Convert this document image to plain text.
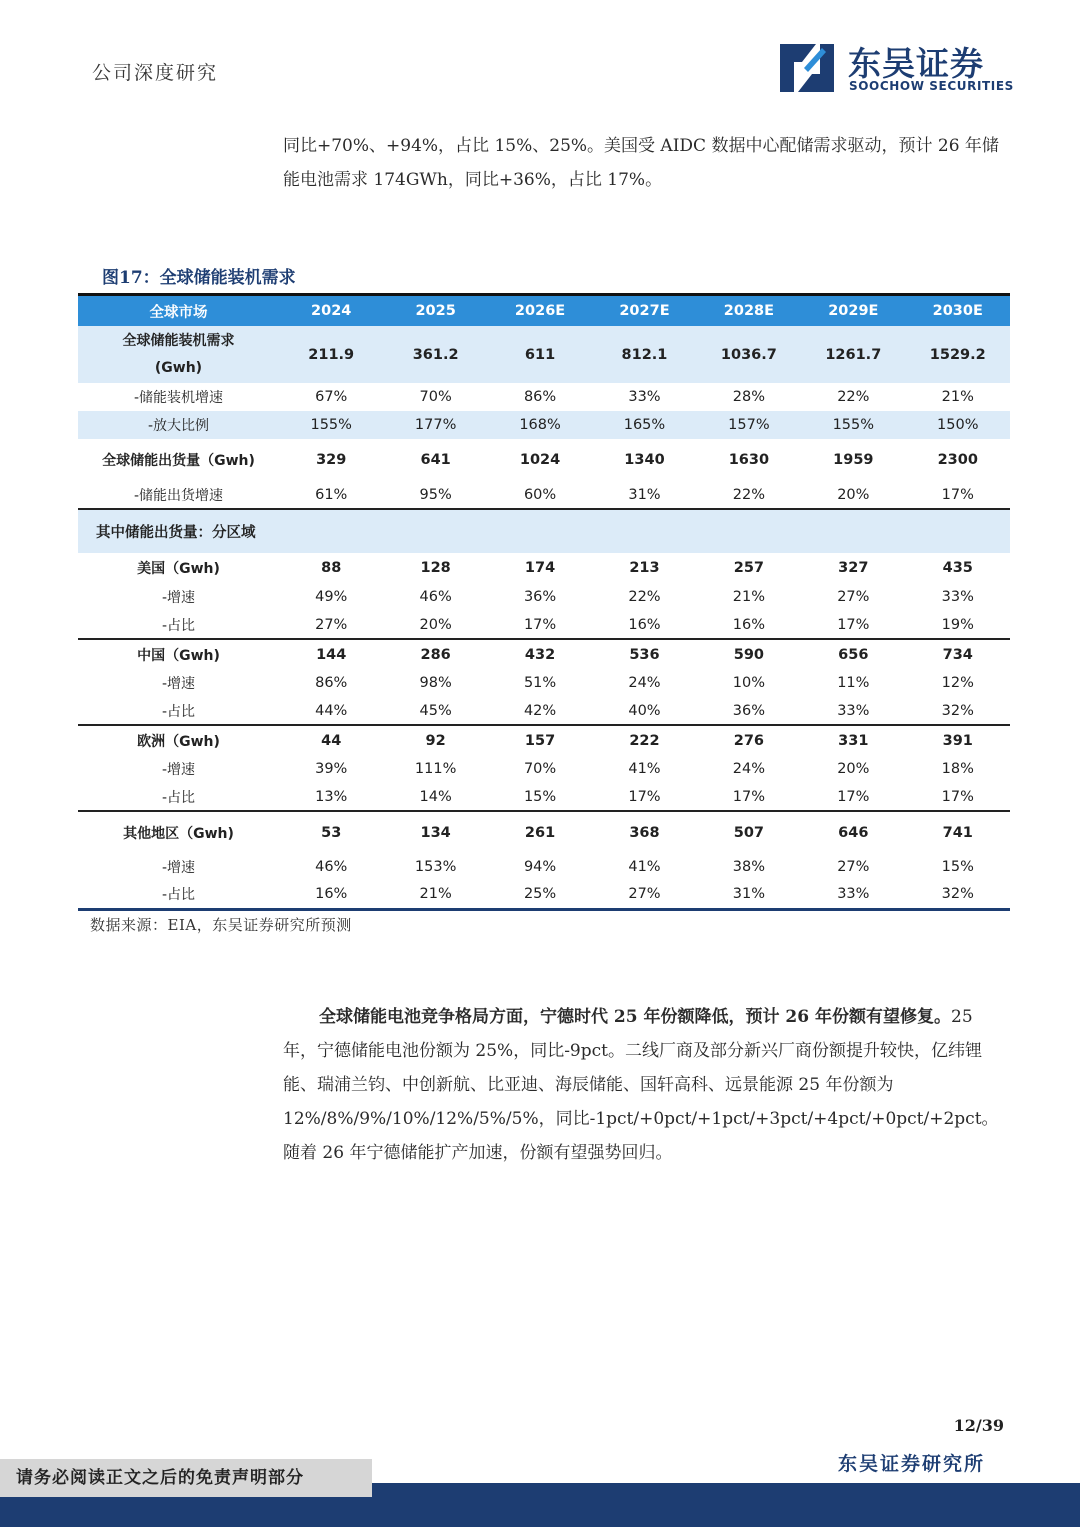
公司深度研究	东吴证券
SOOCHOW SECURITIES
同比+70%、+94%，占比 15%、25%。美国受 AIDC 数据中心配储需求驱动，预计 26 年储能电池需求 174GWh，同比+36%，占比 17%。
图17：全球储能装机需求
全球市场	2024	2025	2026E	2027E	2028E	2029E	2030E

全球储能装机需求
(Gwh)	211.9	361.2	611	812.1	1036.7	1261.7	1529.2
-储能装机增速	67%	70%	86%	33%	28%	22%	21%
-放大比例	155%	177%	168%	165%	157%	155%	150%
全球储能出货量（Gwh)	329	641	1024	1340	1630	1959	2300
-储能出货增速	61%	95%	60%	31%	22%	20%	17%
其中储能出货量：分区域							
美国（Gwh)	88	128	174	213	257	327	435
-增速	49%	46%	36%	22%	21%	27%	33%
-占比	27%	20%	17%	16%	16%	17%	19%
中国（Gwh)	144	286	432	536	590	656	734
-增速	86%	98%	51%	24%	10%	11%	12%
-占比	44%	45%	42%	40%	36%	33%	32%
欧洲（Gwh)	44	92	157	222	276	331	391
-增速	39%	111%	70%	41%	24%	20%	18%
-占比	13%	14%	15%	17%	17%	17%	17%
其他地区（Gwh)	53	134	261	368	507	646	741
-增速	46%	153%	94%	41%	38%	27%	15%
-占比	16%	21%	25%	27%	31%	33%	32%
数据来源：EIA，东吴证券研究所预测
全球储能电池竞争格局方面，宁德时代 25 年份额降低，预计 26 年份额有望修复。25 年，宁德储能电池份额为 25%，同比-9pct。二线厂商及部分新兴厂商份额提升较快，亿纬锂能、瑞浦兰钧、中创新航、比亚迪、海辰储能、国轩高科、远景能源 25 年份额为 12%/8%/9%/10%/12%/5%/5%，同比-1pct/+0pct/+1pct/+3pct/+4pct/+0pct/+2pct。随着 26 年宁德储能扩产加速，份额有望强势回归。
12/39
东吴证券研究所
请务必阅读正文之后的免责声明部分
